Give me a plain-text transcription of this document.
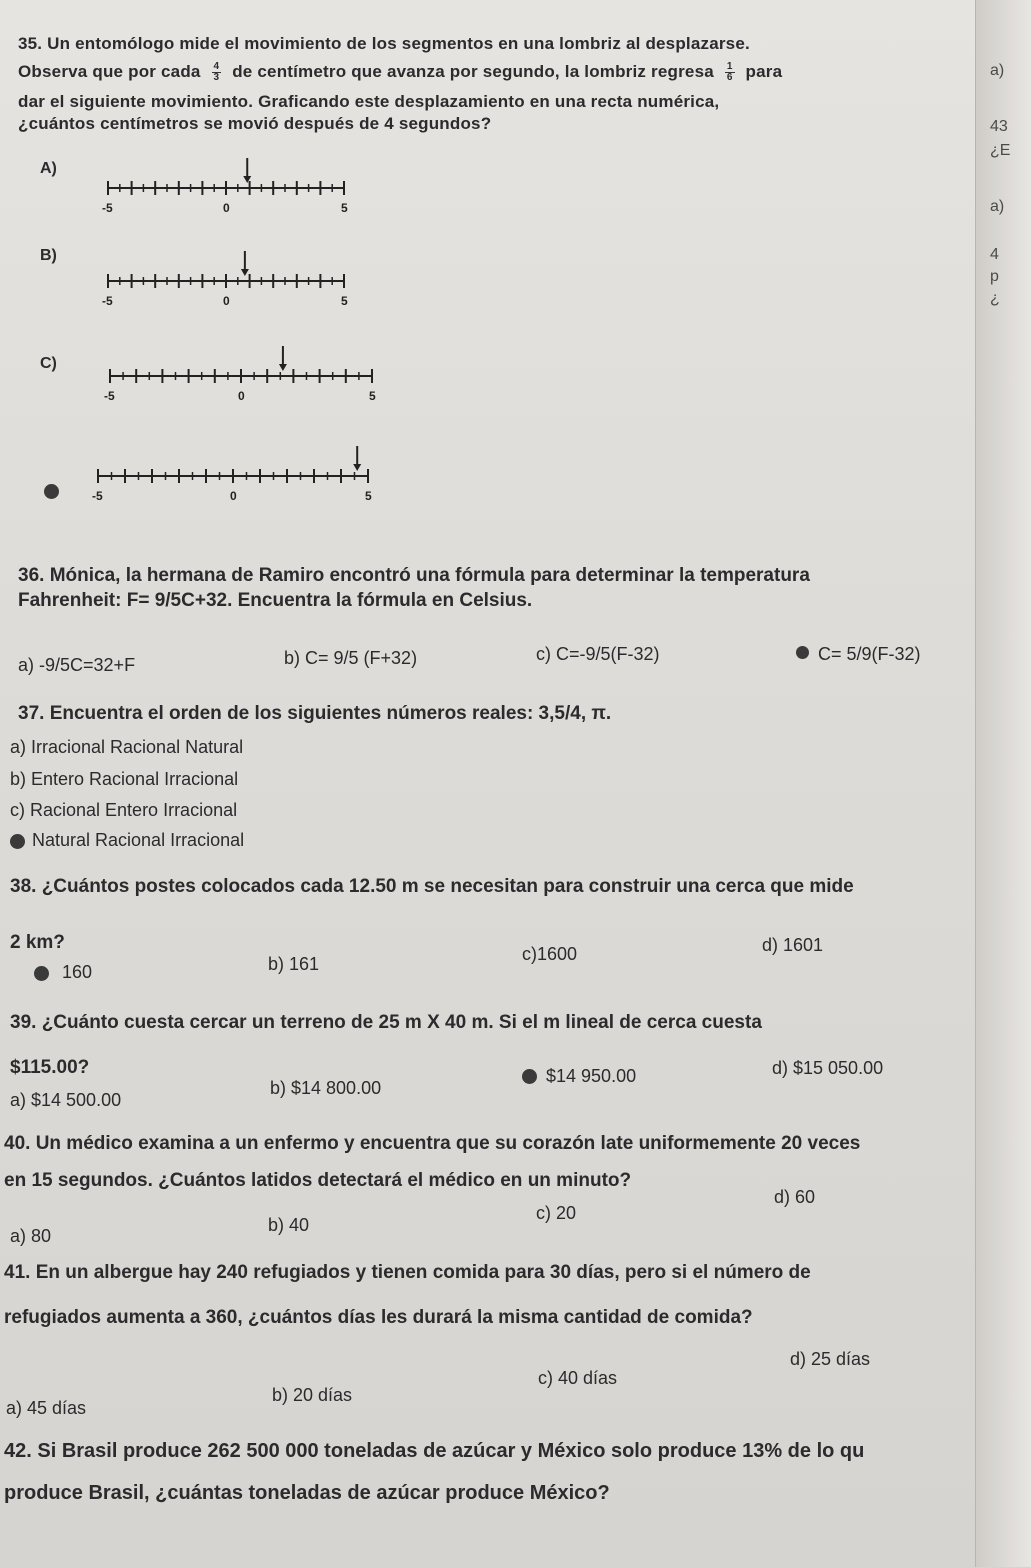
a)
43
¿E
a)
4
p
¿
35. Un entomólogo mide el movimiento de los segmentos en una lombriz al desplazarse.
Observa que por cada $\frac{4}{3}$ de centímetro que avanza por segundo, la lombriz regresa $\frac{1}{6}$ para
dar el siguiente movimiento. Graficando este desplazamiento en una recta numérica,
¿cuántos centímetros se movió después de 4 segundos?
A)
B)
C)
-5	0	5
-5	0	5
-5	0	5
-5	0	5
36. Mónica, la hermana de Ramiro encontró una fórmula para determinar la temperatura
Fahrenheit: F= 9/5C+32. Encuentra la fórmula en Celsius.
a) -9/5C=32+F	b) C= 9/5 (F+32)	c) C=-9/5(F-32)	C= 5/9(F-32)
37. Encuentra el orden de los siguientes números reales: 3,5/4, π.
a) Irracional Racional Natural
b) Entero Racional Irracional
c) Racional Entero Irracional
Natural Racional Irracional
38. ¿Cuántos postes colocados cada 12.50 m se necesitan para construir una cerca que mide
2 km?
160	b) 161	c)1600	d) 1601
39. ¿Cuánto cuesta cercar un terreno de 25 m X 40 m. Si el m lineal de cerca cuesta
$115.00?
a) $14 500.00
b) $14 800.00
$14 950.00	d) $15 050.00
40. Un médico examina a un enfermo y encuentra que su corazón late uniformemente 20 veces
en 15 segundos. ¿Cuántos latidos detectará el médico en un minuto?
a) 80
b) 40
c) 20
d) 60
41. En un albergue hay 240 refugiados y tienen comida para 30 días, pero si el número de
refugiados aumenta a 360, ¿cuántos días les durará la misma cantidad de comida?
a) 45 días
b) 20 días
c) 40 días
d) 25 días
42. Si Brasil produce 262 500 000 toneladas de azúcar y México solo produce 13% de lo qu
produce Brasil, ¿cuántas toneladas de azúcar produce México?
